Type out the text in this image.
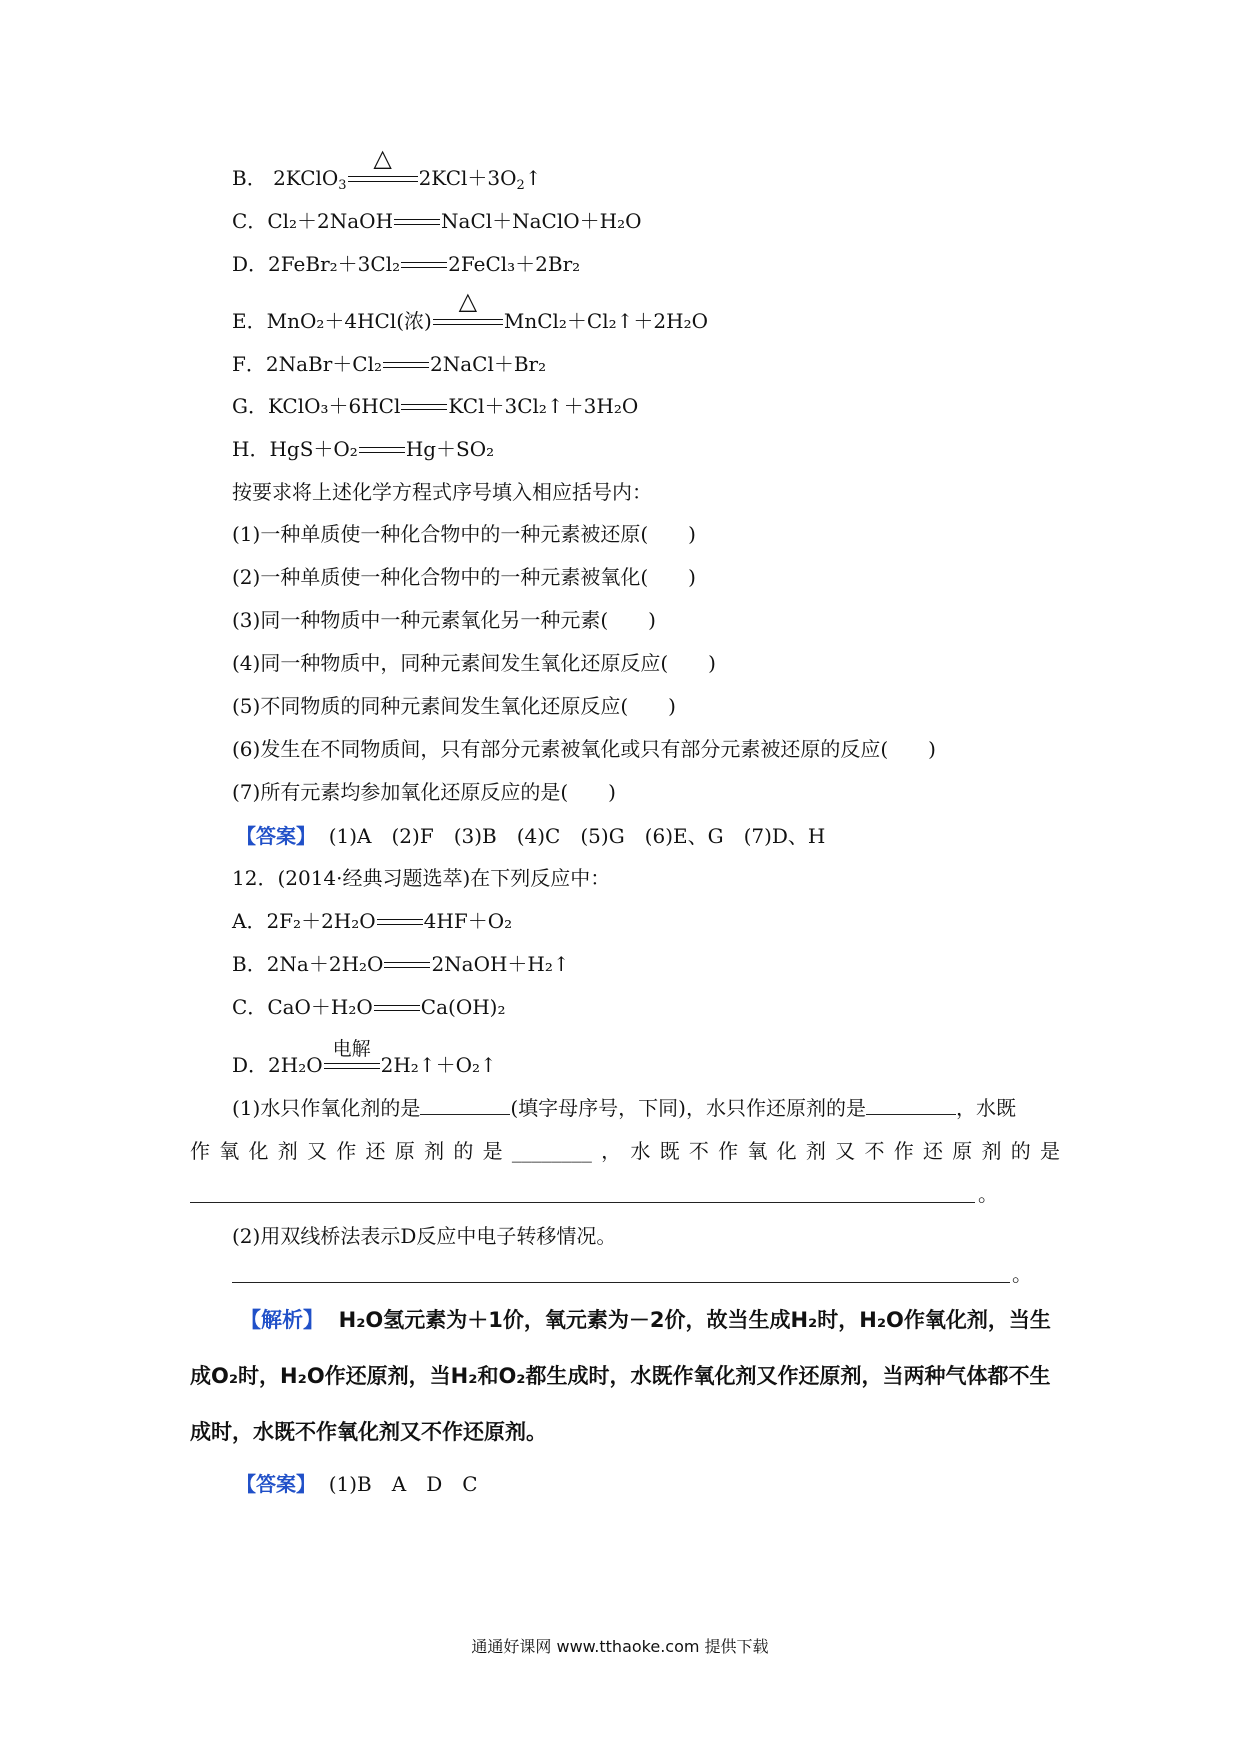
B． 2KClO$_3$
△
$2KCl+3O_2↑$
C．Cl₂＋2NaOH NaCl＋NaClO＋H₂O
D．2FeBr₂＋3Cl₂ 2FeCl₃＋2Br₂
E．MnO₂＋4HCl(浓)
△
MnCl₂＋Cl₂↑＋2H₂O
F．2NaBr＋Cl₂ 2NaCl＋Br₂
G．KClO₃＋6HCl KCl＋3Cl₂↑＋3H₂O
H．HgS＋O₂ Hg＋SO₂
按要求将上述化学方程式序号填入相应括号内：
(1)一种单质使一种化合物中的一种元素被还原( )
(2)一种单质使一种化合物中的一种元素被氧化( )
(3)同一种物质中一种元素氧化另一种元素( )
(4)同一种物质中，同种元素间发生氧化还原反应( )
(5)不同物质的同种元素间发生氧化还原反应( )
(6)发生在不同物质间，只有部分元素被氧化或只有部分元素被还原的反应( )
(7)所有元素均参加氧化还原反应的是( )
【答案】 (1)A　(2)F　(3)B　(4)C　(5)G　(6)E、G　(7)D、H
12．(2014·经典习题选萃)在下列反应中：
A．2F₂＋2H₂O 4HF＋O₂
B．2Na＋2H₂O 2NaOH＋H₂↑
C．CaO＋H₂O Ca(OH)₂
D．2H₂O
电解
2H₂↑＋O₂↑
(1)水只作氧化剂的是	(填字母序号，下同)，水只作还原剂的是	，水既
作氧化剂又作还原剂的是________，水既不作氧化剂又不作还原剂的是
。
(2)用双线桥法表示D反应中电子转移情况。
。
【解析】 H₂O氢元素为＋1价，氧元素为－2价，故当生成H₂时，H₂O作氧化剂，当生成O₂时，H₂O作还原剂，当H₂和O₂都生成时，水既作氧化剂又作还原剂，当两种气体都不生成时，水既不作氧化剂又不作还原剂。
【答案】 (1)B　A　D　C
通通好课网 www.tthaoke.com 提供下载
